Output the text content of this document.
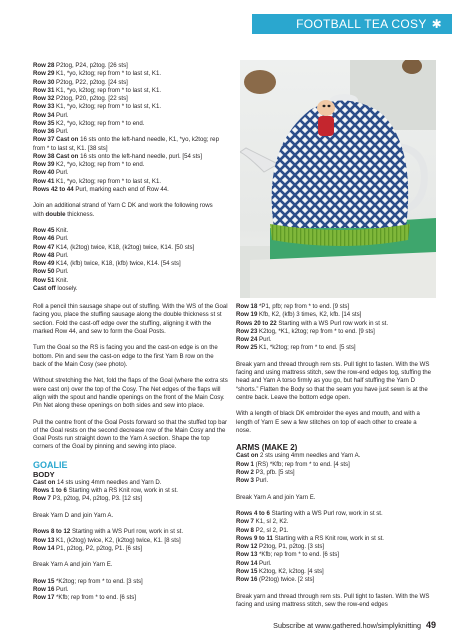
FOOTBALL TEA COSY ✱
Row 28 P2tog, P24, p2tog. [26 sts]
Row 29 K1, *yo, k2tog; rep from * to last st, K1.
Row 30 P2tog, P22, p2tog. [24 sts]
Row 31 K1, *yo, k2tog; rep from * to last st, K1.
Row 32 P2tog, P20, p2tog. [22 sts]
Row 33 K1, *yo, k2tog; rep from * to last st, K1.
Row 34 Purl.
Row 35 K2, *yo, k2tog; rep from * to end.
Row 36 Purl.
Row 37 Cast on 16 sts onto the left-hand needle, K1, *yo, k2tog; rep from * to last st, K1. [38 sts]
Row 38 Cast on 16 sts onto the left-hand needle, purl. [54 sts]
Row 39 K2, *yo, k2tog; rep from * to end.
Row 40 Purl.
Row 41 K1, *yo, k2tog; rep from * to last st, K1.
Rows 42 to 44 Purl, marking each end of Row 44.

Join an additional strand of Yarn C DK and work the following rows with double thickness.

Row 45 Knit.
Row 46 Purl.
Row 47 K14, (k2tog) twice, K18, (k2tog) twice, K14. [50 sts]
Row 48 Purl.
Row 49 K14, (kfb) twice, K18, (kfb) twice, K14. [54 sts]
Row 50 Purl.
Row 51 Knit.
Cast off loosely.

Roll a pencil thin sausage shape out of stuffing. With the WS of the Goal facing you, place the stuffing sausage along the double thickness st st section. Fold the cast-off edge over the stuffing, aligning it with the marked Row 44, and sew to form the Goal Posts.

Turn the Goal so the RS is facing you and the cast-on edge is on the bottom. Pin and sew the cast-on edge to the first Yarn B row on the back of the Main Cosy (see photo).

Without stretching the Net, fold the flaps of the Goal (where the extra sts were cast on) over the top of the Cosy. The Net edges of the flaps will align with the spout and handle openings on the front of the Main Cosy. Pin Net along these openings on both sides and sew into place.

Pull the centre front of the Goal Posts forward so that the stuffed top bar of the Goal rests on the second decrease row of the Main Cosy and the Goal Posts run straight down to the Yarn A section. Shape the top corners of the Goal by pinning and sewing into place.

GOALIE
BODY
Cast on 14 sts using 4mm needles and Yarn D.
Rows 1 to 6 Starting with a RS Knit row, work in st st.
Row 7 P3, p2tog, P4, p2tog, P3. [12 sts]

Break Yarn D and join Yarn A.

Rows 8 to 12 Starting with a WS Purl row, work in st st.
Row 13 K1, (k2tog) twice, K2, (k2tog) twice, K1. [8 sts]
Row 14 P1, p2tog, P2, p2tog, P1. [6 sts]

Break Yarn A and join Yarn E.

Row 15 *K2tog; rep from * to end. [3 sts]
Row 16 Purl.
Row 17 *Kfb; rep from * to end. [6 sts]
Row 18 *P1, pfb; rep from * to end. [9 sts]
Row 19 Kfb, K2, (kfb) 3 times, K2, kfb. [14 sts]
Rows 20 to 22 Starting with a WS Purl row work in st st.
Row 23 K2tog, *K1, k2tog; rep from * to end. [9 sts]
Row 24 Purl.
Row 25 K1, *k2tog; rep from * to end. [5 sts]

Break yarn and thread through rem sts. Pull tight to fasten. With the WS facing and using mattress stitch, sew the row-end edges tog, stuffing the head and Yarn A torso firmly as you go, but half stuffing the Yarn D “shorts.” Flatten the Body so that the seam you have just sewn is at the centre back. Leave the bottom edge open.

With a length of black DK embroider the eyes and mouth, and with a length of Yarn E sew a few stitches on top of each other to create a nose.

ARMS (MAKE 2)
Cast on 2 sts using 4mm needles and Yarn A.
Row 1 (RS) *Kfb; rep from * to end. [4 sts]
Row 2 P3, pfb. [5 sts]
Row 3 Purl.

Break Yarn A and join Yarn E.

Rows 4 to 6 Starting with a WS Purl row, work in st st.
Row 7 K1, sl 2, K2.
Row 8 P2, sl 2, P1.
Rows 9 to 11 Starting with a RS Knit row, work in st st.
Row 12 P2tog, P1, p2tog. [3 sts]
Row 13 *Kfb; rep from * to end. [6 sts]
Row 14 Purl.
Row 15 K2tog, K2, k2tog. [4 sts]
Row 16 (P2tog) twice. [2 sts]

Break yarn and thread through rem sts. Pull tight to fasten. With the WS facing and using mattress stitch, sew the row-end edges

Subscribe at www.gathered.how/simplyknitting 49
